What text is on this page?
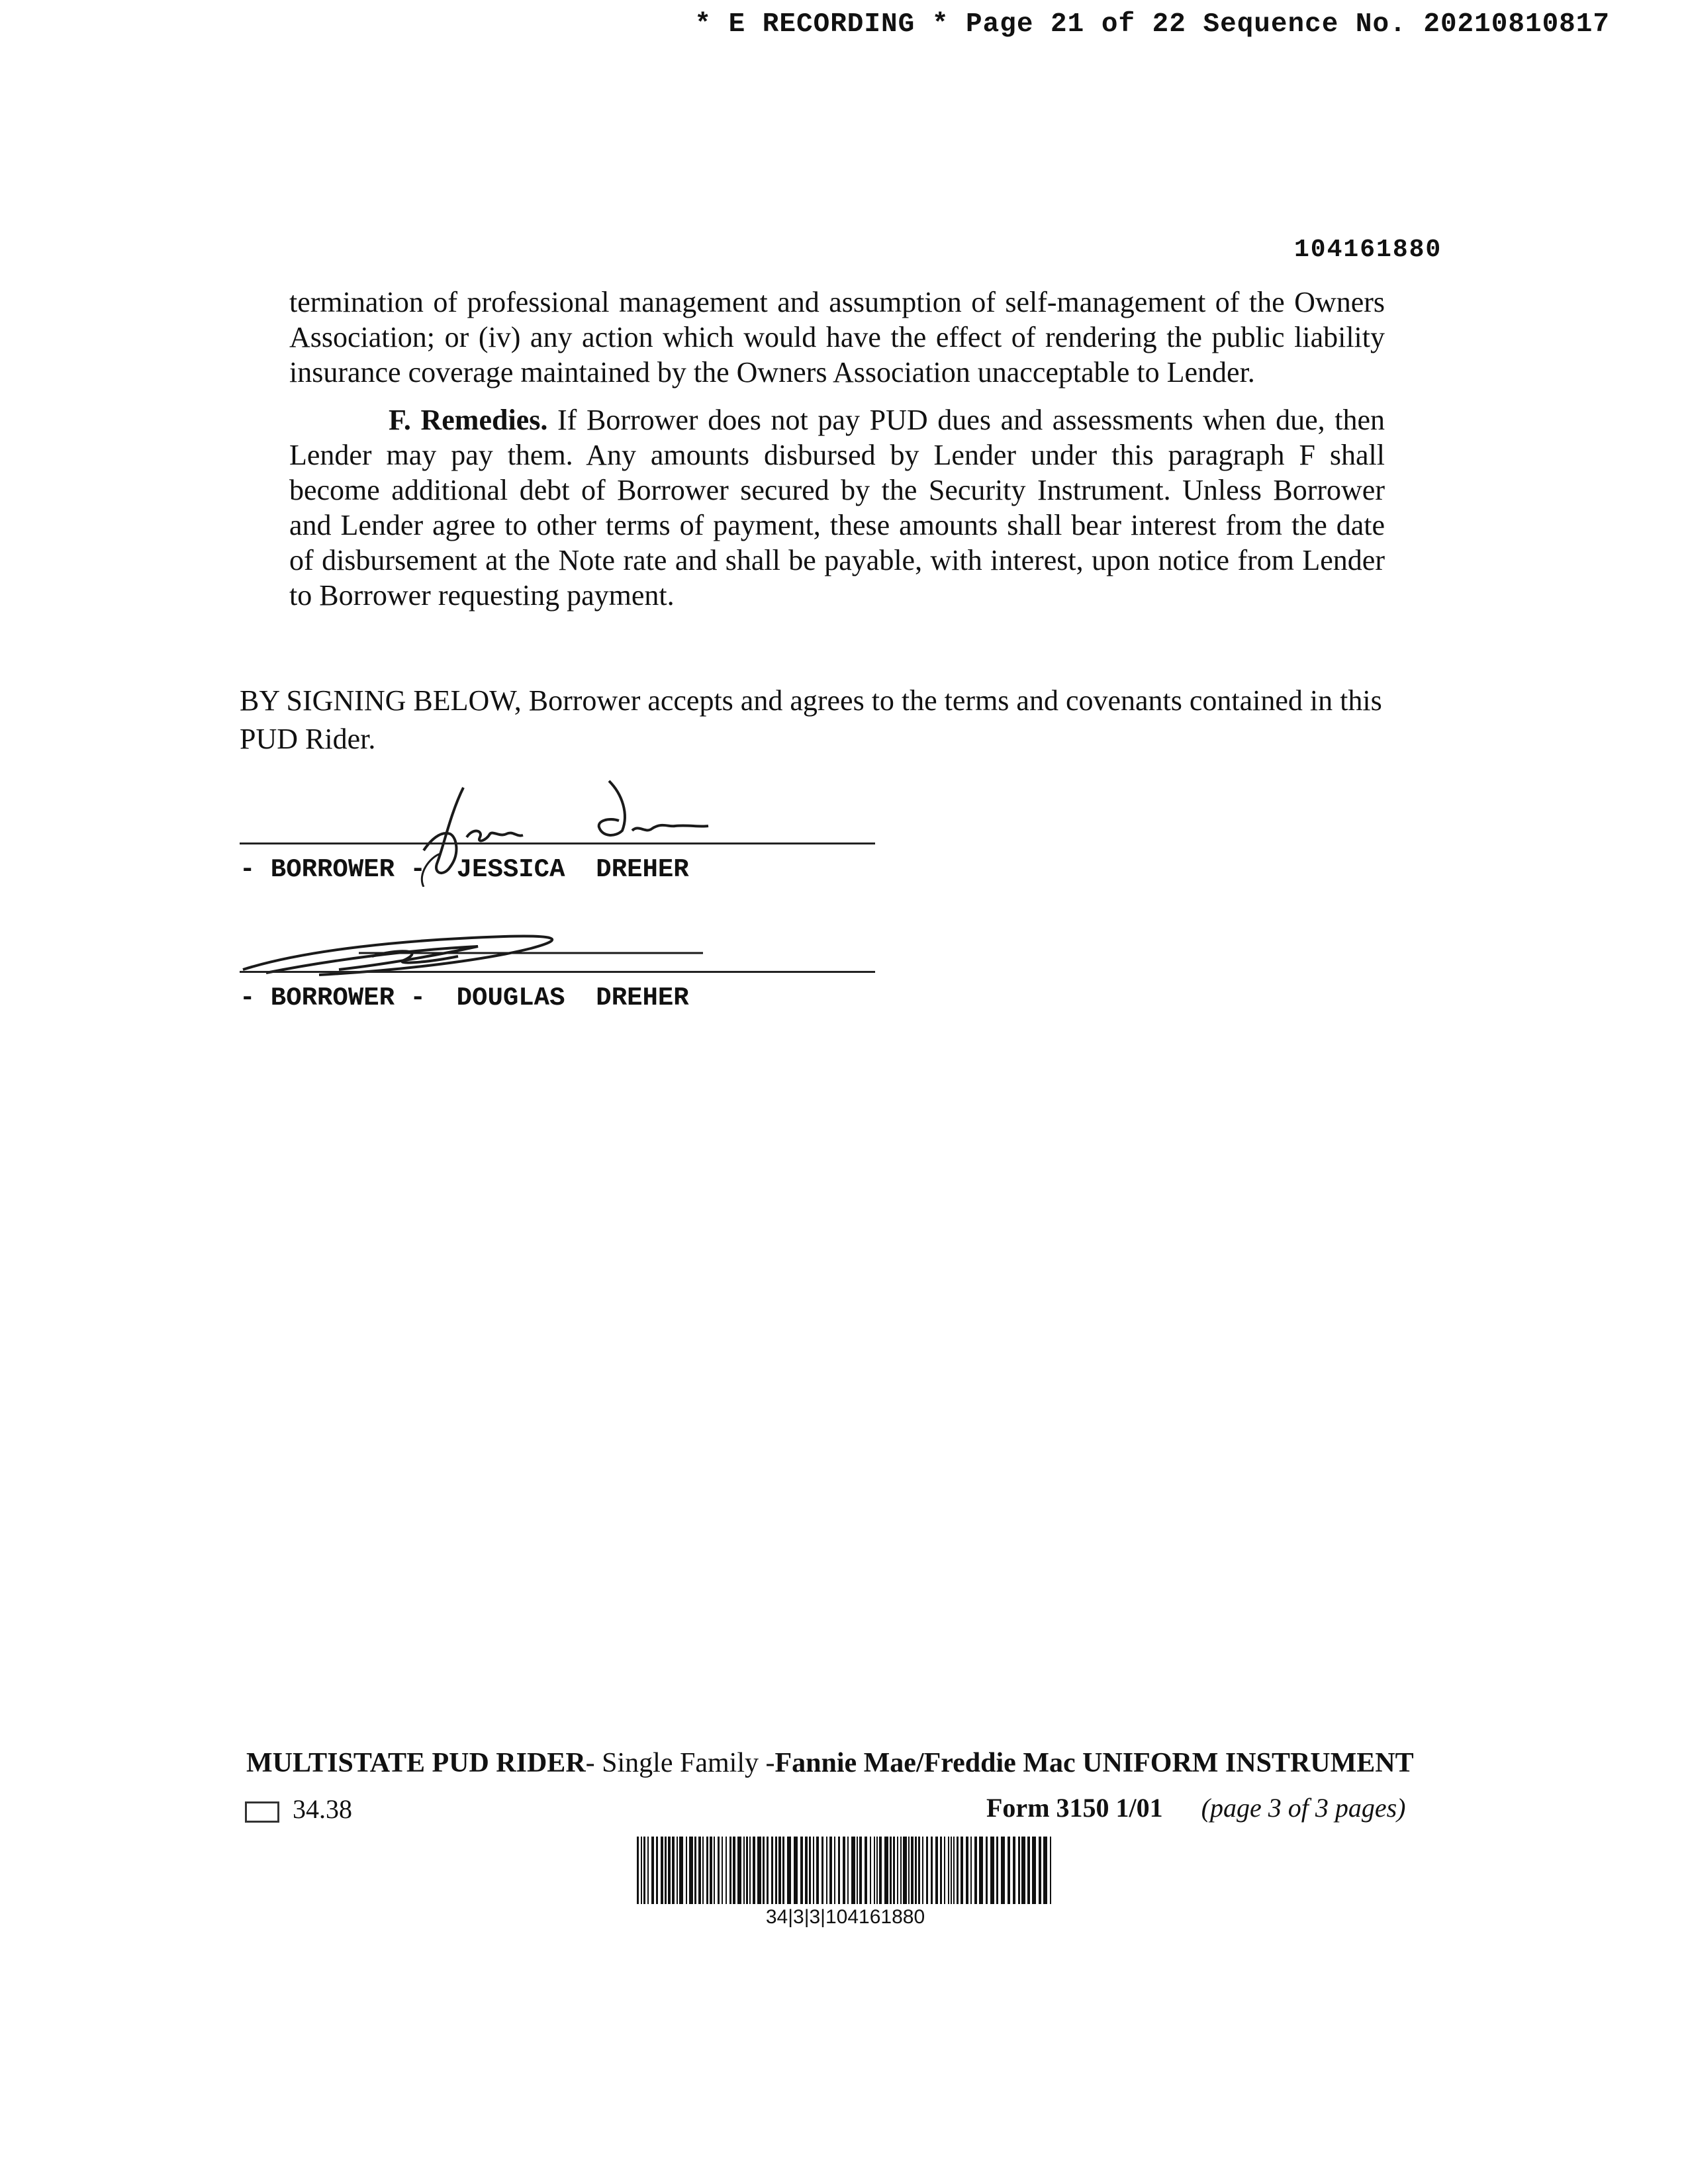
* E RECORDING * Page 21 of 22 Sequence No. 20210810817
104161880
termination of professional management and assumption of self-management of the Owners Association; or (iv) any action which would have the effect of rendering the public liability insurance coverage maintained by the Owners Association unacceptable to Lender.
F. Remedies. If Borrower does not pay PUD dues and assessments when due, then Lender may pay them. Any amounts disbursed by Lender under this paragraph F shall become additional debt of Borrower secured by the Security Instrument. Unless Borrower and Lender agree to other terms of payment, these amounts shall bear interest from the date of disbursement at the Note rate and shall be payable, with interest, upon notice from Lender to Borrower requesting payment.
BY SIGNING BELOW, Borrower accepts and agrees to the terms and covenants contained in this PUD Rider.
- BORROWER -  JESSICA  DREHER
- BORROWER -  DOUGLAS  DREHER
MULTISTATE PUD RIDER- Single Family -Fannie Mae/Freddie Mac UNIFORM INSTRUMENT
34.38	Form 3150 1/01 (page 3 of 3 pages)
34|3|3|104161880
